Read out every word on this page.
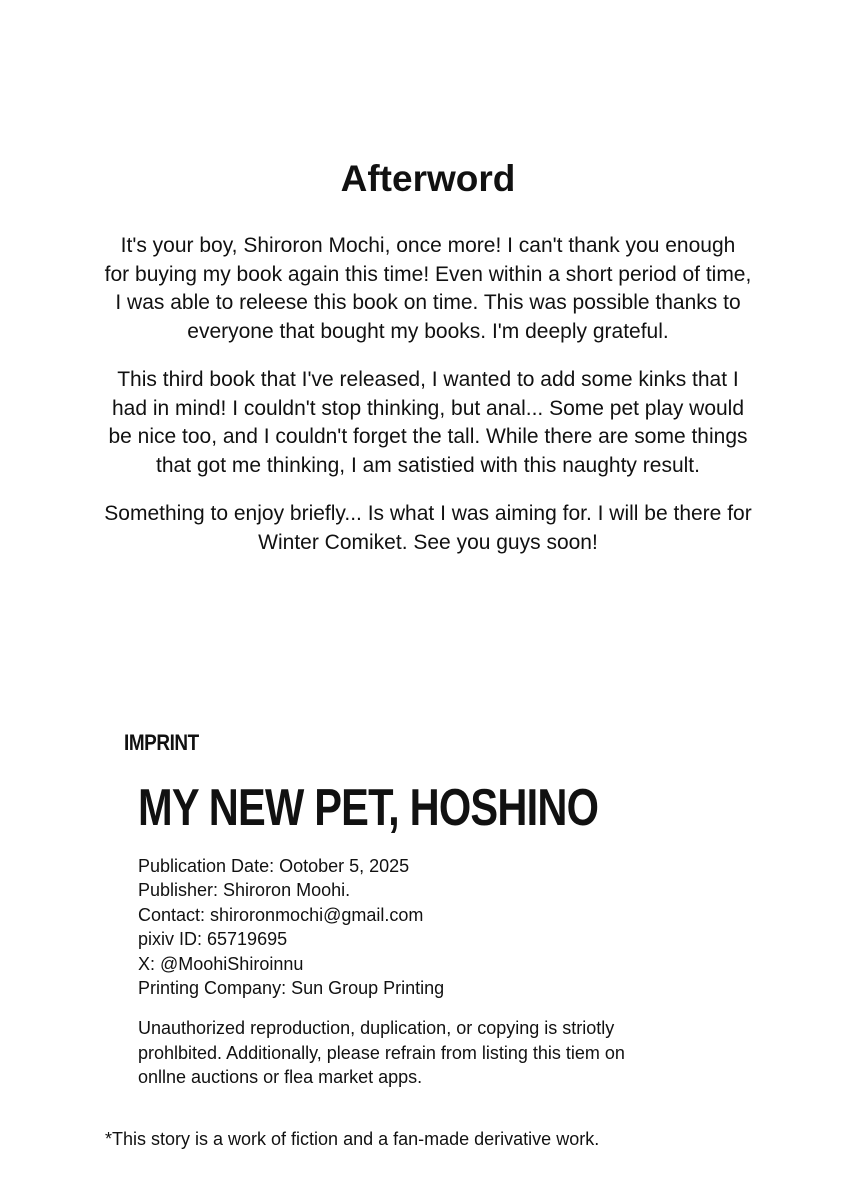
Afterword

It's your boy, Shiroron Mochi, once more! I can't thank you enough
for buying my book again this time! Even within a short period of time,
I was able to releese this book on time. This was possible thanks to
everyone that bought my books. I'm deeply grateful.

This third book that I've released, I wanted to add some kinks that I
had in mind! I couldn't stop thinking, but anal... Some pet play would
be nice too, and I couldn't forget the tall. While there are some things
that got me thinking, I am satistied with this naughty result.

Something to enjoy briefly... Is what I was aiming for. I will be there for
Winter Comiket. See you guys soon!

IMPRINT
MY NEW PET, HOSHINO
Publication Date: Ootober 5, 2025
Publisher: Shiroron Moohi.
Contact: shirorоnmochi@gmail.com
pixiv ID: 65719695
X: @MoohiShiroinnu
Printing Company: Sun Group Printing

Unauthorized reproduction, duplication, or copying is striotly
prohlbited. Additionally, please refrain from listing this tiem on
onllne auctions or flea market apps.

*This story is a work of fiction and a fan-made derivative work.
